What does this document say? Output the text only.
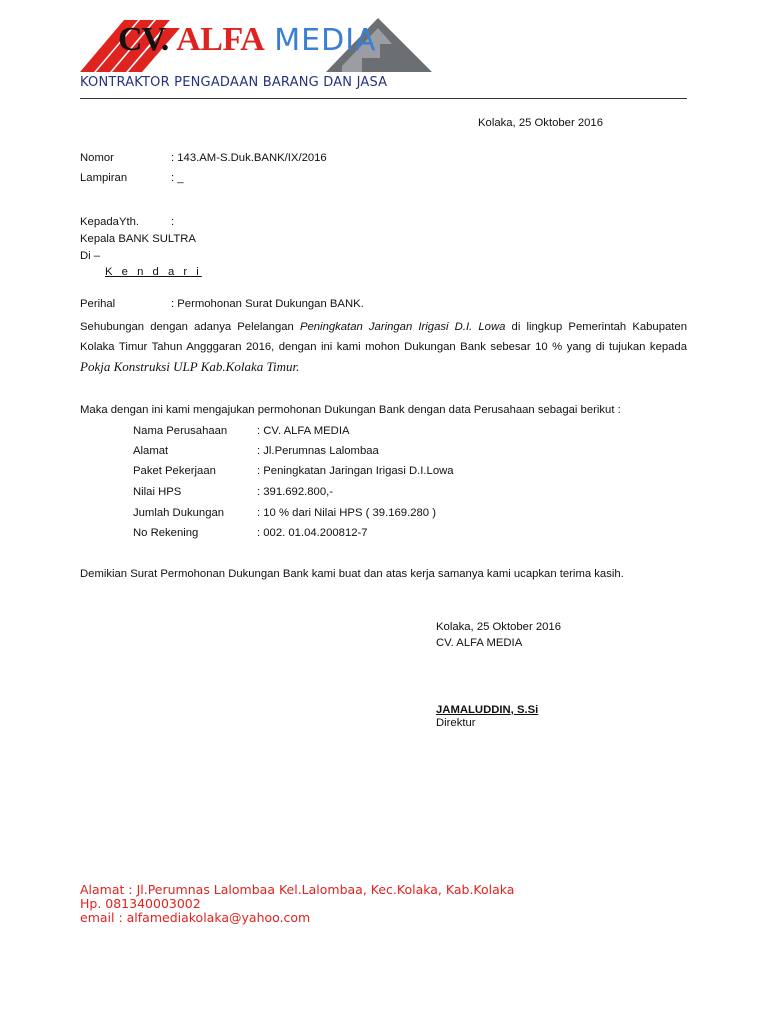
CV. ALFA MEDIA
KONTRAKTOR PENGADAAN BARANG DAN JASA
Kolaka, 25 Oktober 2016
Nomor	: 143.AM-S.Duk.BANK/IX/2016
Lampiran	: _
KepadaYth.	:
Kepala BANK SULTRA
Di –
K e n d a r i
Perihal	: Permohonan Surat Dukungan BANK.
Sehubungan dengan adanya Pelelangan Peningkatan Jaringan Irigasi D.I. Lowa di lingkup Pemerintah Kabupaten Kolaka Timur Tahun Angggaran 2016, dengan ini kami mohon Dukungan Bank sebesar 10 % yang di tujukan kepada Pokja Konstruksi ULP Kab.Kolaka Timur.
Maka dengan ini kami mengajukan permohonan Dukungan Bank dengan data Perusahaan sebagai berikut :
Nama Perusahaan	: CV. ALFA MEDIA
Alamat	: Jl.Perumnas Lalombaa
Paket Pekerjaan	: Peningkatan Jaringan Irigasi D.I.Lowa
Nilai HPS	: 391.692.800,-
Jumlah Dukungan	: 10 % dari Nilai HPS ( 39.169.280 )
No Rekening	: 002. 01.04.200812-7
Demikian Surat Permohonan Dukungan Bank kami buat dan atas kerja samanya kami ucapkan terima kasih.
Kolaka, 25 Oktober 2016
CV. ALFA MEDIA
JAMALUDDIN, S.Si
Direktur
Alamat : Jl.Perumnas Lalombaa Kel.Lalombaa, Kec.Kolaka, Kab.Kolaka
Hp. 081340003002
email : alfamediakolaka@yahoo.com
